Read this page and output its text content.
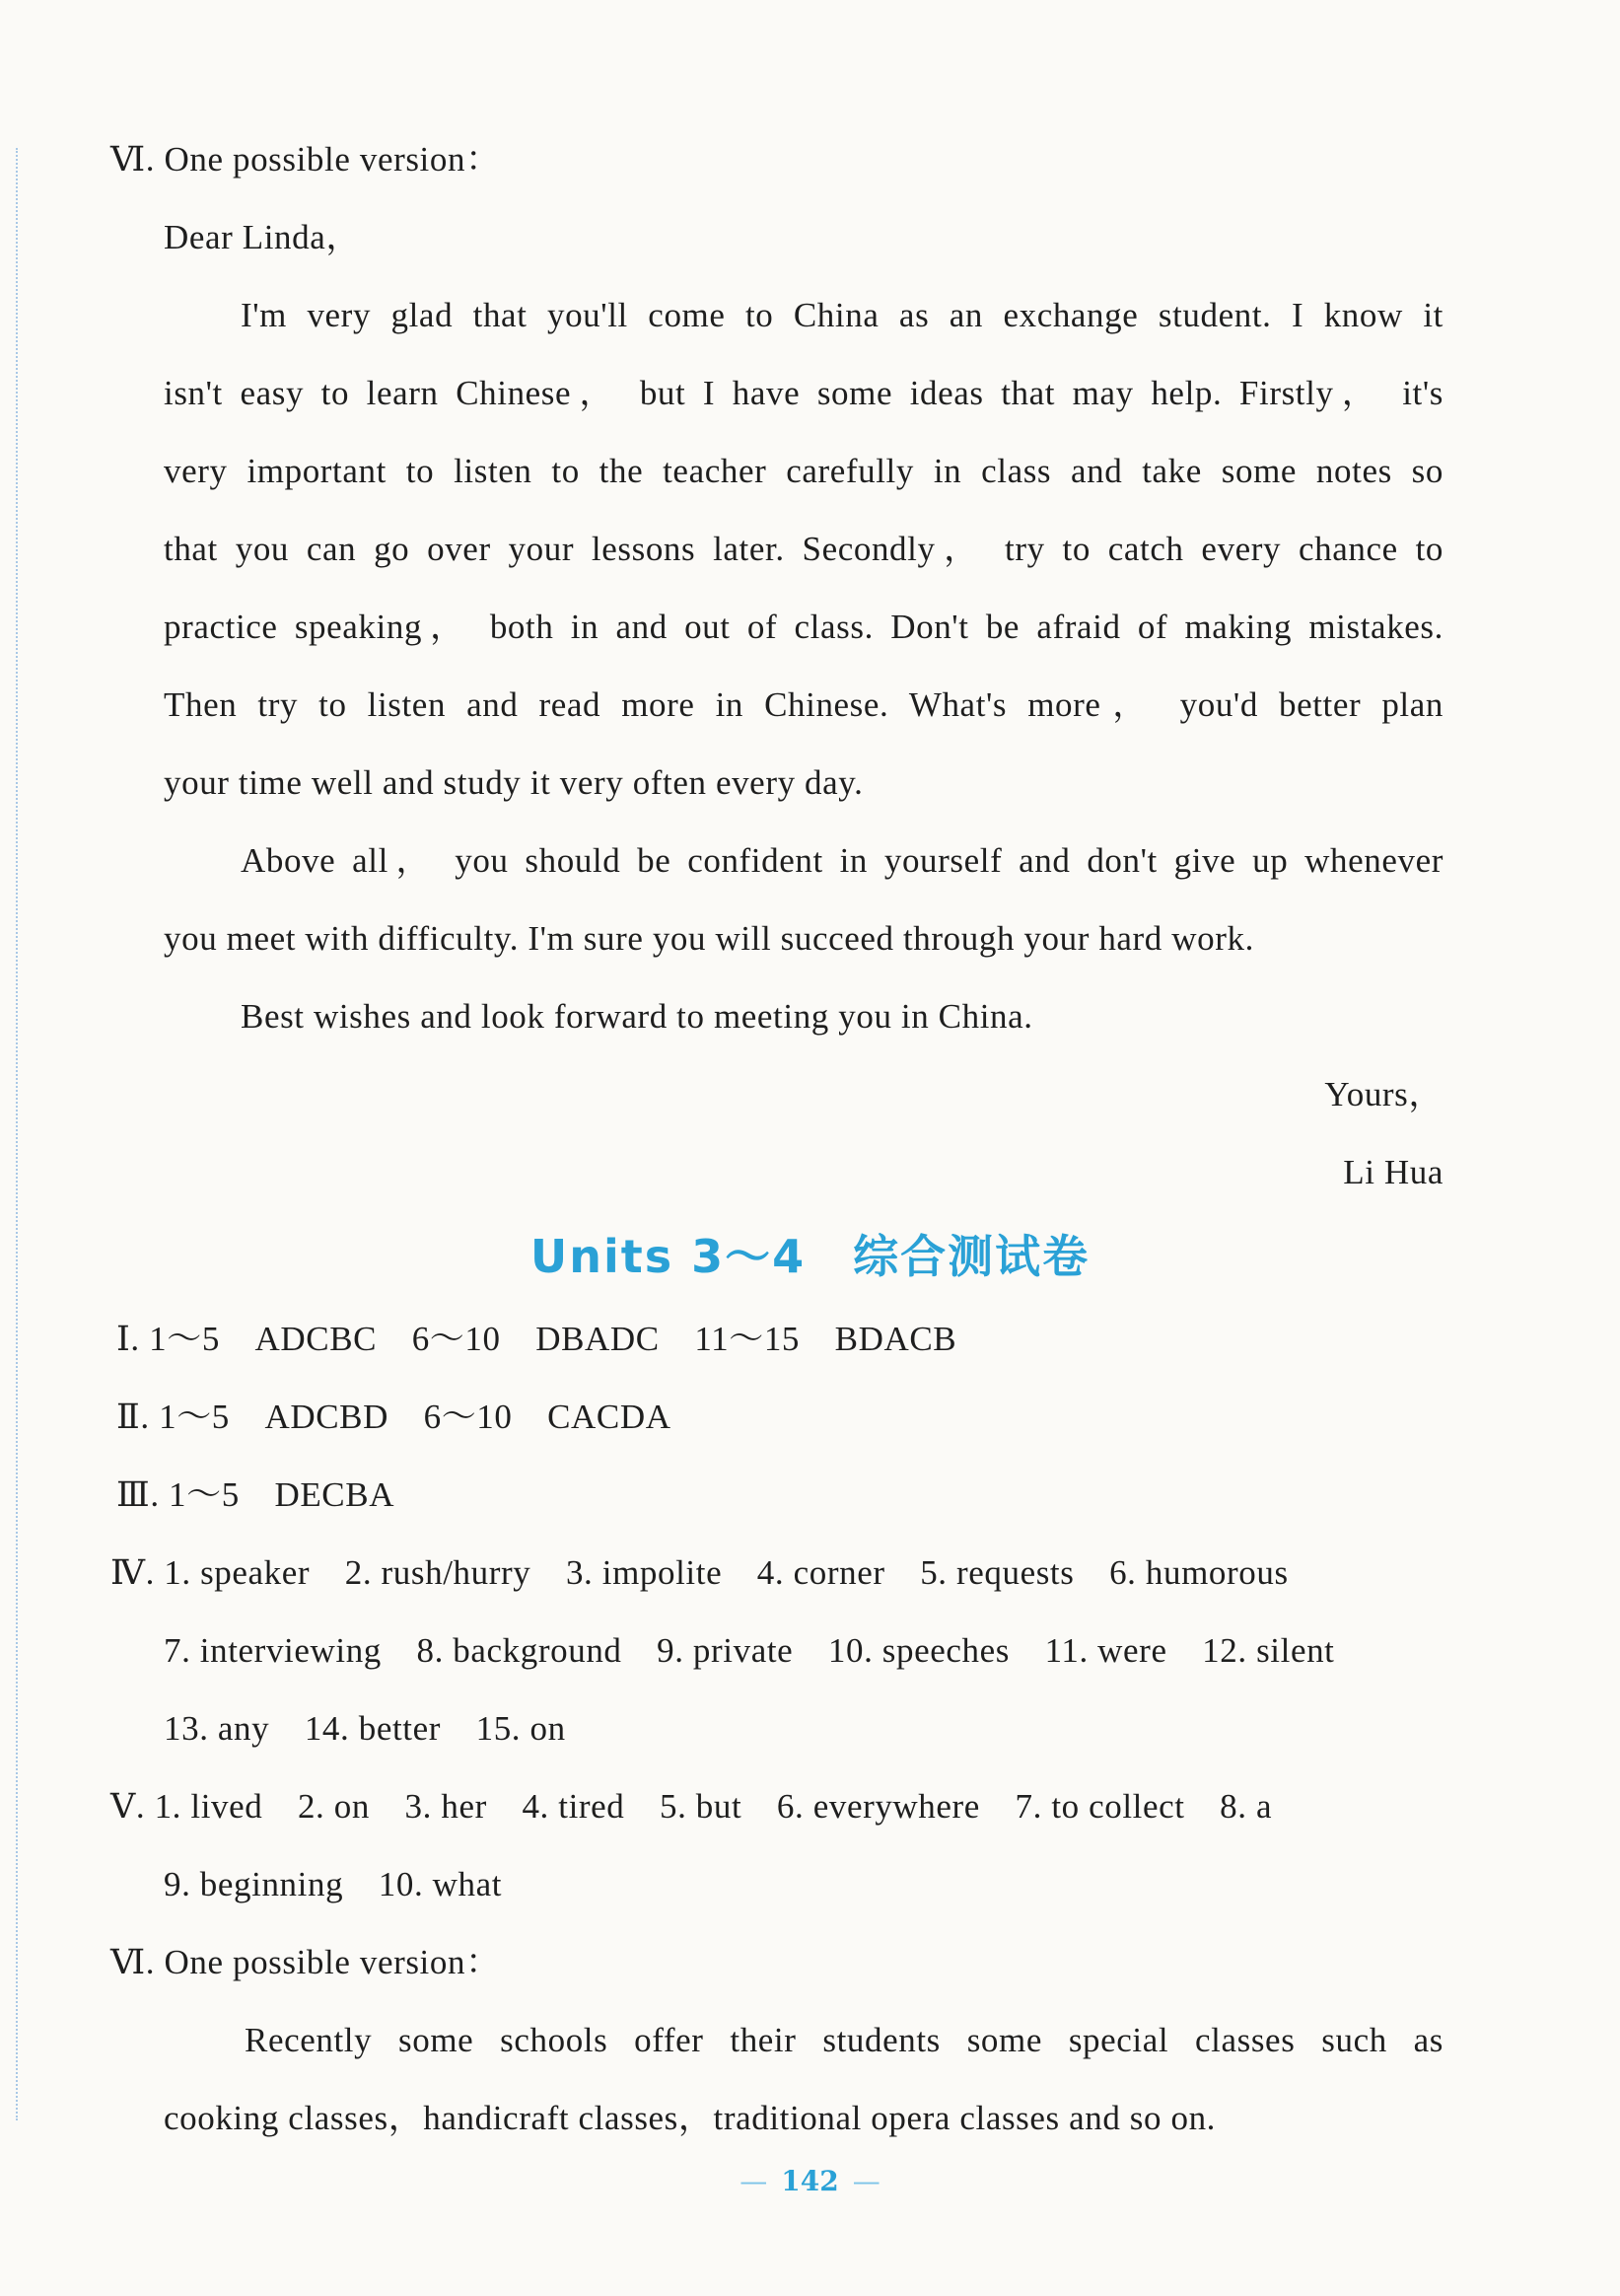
Ⅵ. One possible version：
Dear Linda，
I'm very glad that you'll come to China as an exchange student. I know it
isn't easy to learn Chinese， but I have some ideas that may help. Firstly， it's
very important to listen to the teacher carefully in class and take some notes so
that you can go over your lessons later. Secondly， try to catch every chance to
practice speaking， both in and out of class. Don't be afraid of making mistakes.
Then try to listen and read more in Chinese. What's more， you'd better plan
your time well and study it very often every day.
Above all， you should be confident in yourself and don't give up whenever
you meet with difficulty. I'm sure you will succeed through your hard work.
Best wishes and look forward to meeting you in China.
Yours，
Li Hua
Units 3～4　综合测试卷
Ⅰ. 1～5　ADCBC　6～10　DBADC　11～15　BDACB
Ⅱ. 1～5　ADCBD　6～10　CACDA
Ⅲ. 1～5　DECBA
Ⅳ. 1. speaker　2. rush/hurry　3. impolite　4. corner　5. requests　6. humorous
7. interviewing　8. background　9. private　10. speeches　11. were　12. silent
13. any　14. better　15. on
Ⅴ. 1. lived　2. on　3. her　4. tired　5. but　6. everywhere　7. to collect　8. a
9. beginning　10. what
Ⅵ. One possible version：
Recently some schools offer their students some special classes such as
cooking classes，handicraft classes，traditional opera classes and so on.
— 142 —
